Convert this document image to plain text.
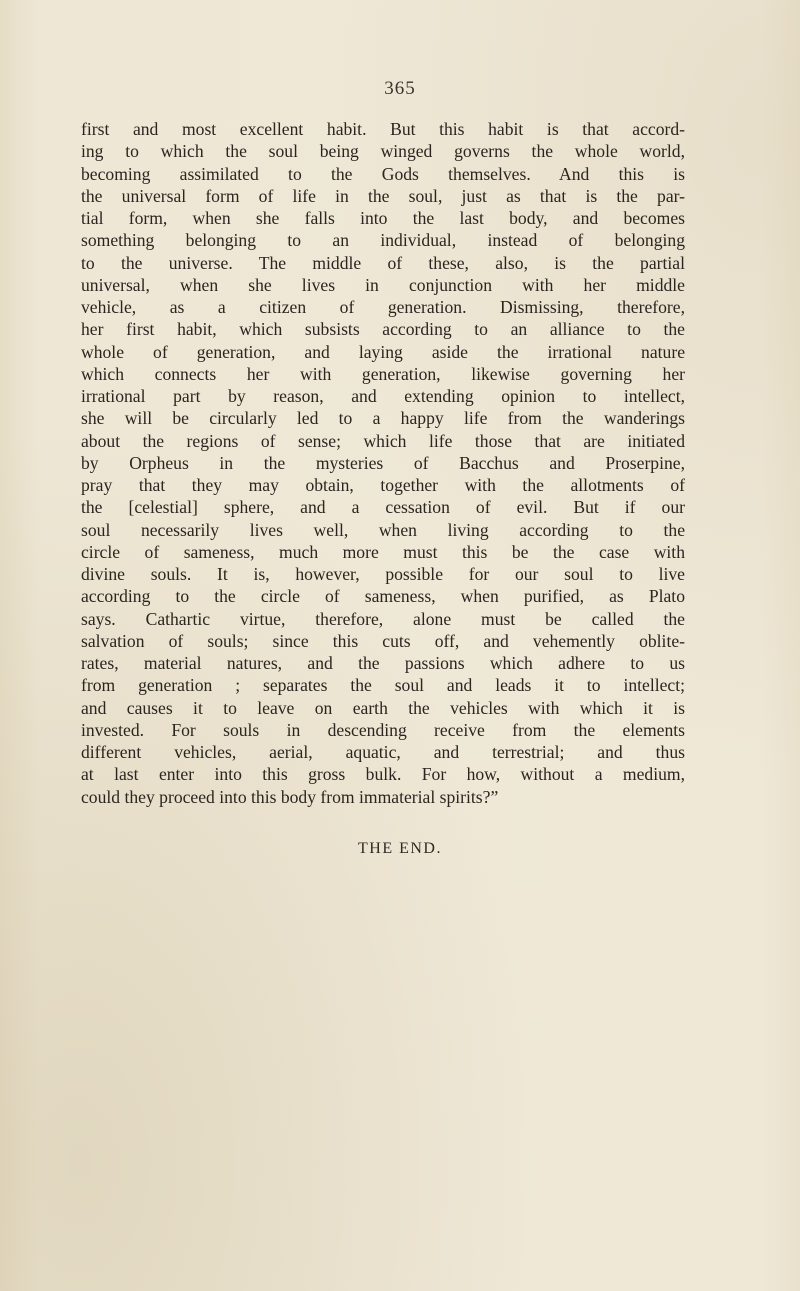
365
first and most excellent habit. But this habit is that accord-
ing to which the soul being winged governs the whole world,
becoming assimilated to the Gods themselves. And this is
the universal form of life in the soul, just as that is the par-
tial form, when she falls into the last body, and becomes
something belonging to an individual, instead of belonging
to the universe. The middle of these, also, is the partial
universal, when she lives in conjunction with her middle
vehicle, as a citizen of generation. Dismissing, therefore,
her first habit, which subsists according to an alliance to the
whole of generation, and laying aside the irrational nature
which connects her with generation, likewise governing her
irrational part by reason, and extending opinion to intellect,
she will be circularly led to a happy life from the wanderings
about the regions of sense; which life those that are initiated
by Orpheus in the mysteries of Bacchus and Proserpine,
pray that they may obtain, together with the allotments of
the [celestial] sphere, and a cessation of evil. But if our
soul necessarily lives well, when living according to the
circle of sameness, much more must this be the case with
divine souls. It is, however, possible for our soul to live
according to the circle of sameness, when purified, as Plato
says. Cathartic virtue, therefore, alone must be called the
salvation of souls; since this cuts off, and vehemently oblite-
rates, material natures, and the passions which adhere to us
from generation ; separates the soul and leads it to intellect;
and causes it to leave on earth the vehicles with which it is
invested. For souls in descending receive from the elements
different vehicles, aerial, aquatic, and terrestrial; and thus
at last enter into this gross bulk. For how, without a medium,
could they proceed into this body from immaterial spirits?”
THE END.
